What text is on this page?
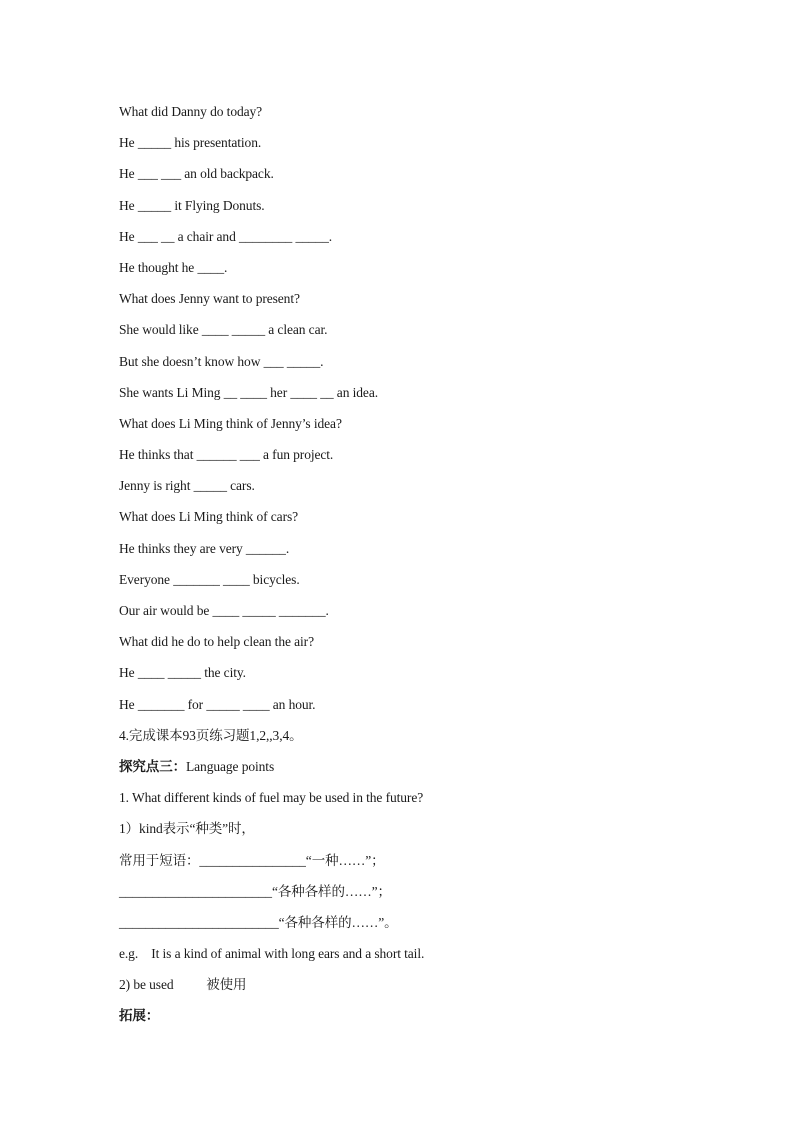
What did Danny do today?
He _____ his presentation.
He ___ ___ an old backpack.
He _____ it Flying Donuts.
He ___ __ a chair and ________ _____.
He thought he ____.
What does Jenny want to present?
She would like ____ _____ a clean car.
But she doesn’t know how ___ _____.
She wants Li Ming __ ____ her ____ __ an idea.
What does Li Ming think of Jenny’s idea?
He thinks that ______ ___ a fun project.
Jenny is right _____ cars.
What does Li Ming think of cars?
He thinks they are very ______.
Everyone _______ ____ bicycles.
Our air would be ____ _____ _______.
What did he do to help clean the air?
He ____ _____ the city.
He _______ for _____ ____ an hour.
4.完成课本93页练习题1,2,,3,4。
探究点三：Language points
1. What different kinds of fuel may be used in the future?
1）kind表示“种类”时，
常用于短语：________________“一种……”；
_______________________“各种各样的……”；
________________________“各种各样的……”。
e.g.    It is a kind of animal with long ears and a short tail.
2) be used          被使用
拓展：
